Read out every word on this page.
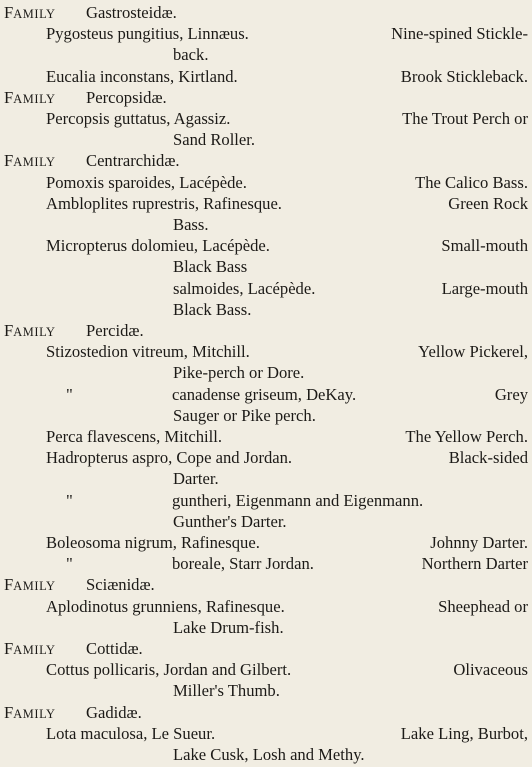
FAMILY Gastrosteidæ.
Pygosteus pungitius, Linnæus.	Nine-spined Stickle-
back.
Eucalia inconstans, Kirtland.	Brook Stickleback.
FAMILY Percopsidæ.
Percopsis guttatus, Agassiz.	The Trout Perch or
Sand Roller.
FAMILY Centrarchidæ.
Pomoxis sparoides, Lacépède.	The Calico Bass.
Ambloplites ruprestris, Rafinesque.	Green Rock
Bass.
Micropterus dolomieu, Lacépède.	Small-mouth
Black Bass
salmoides, Lacépède.	Large-mouth
Black Bass.
FAMILY Percidæ.
Stizostedion vitreum, Mitchill.	Yellow Pickerel,
Pike-perch or Dore.
"	canadense griseum, DeKay.	Grey
Sauger or Pike perch.
Perca flavescens, Mitchill.	The Yellow Perch.
Hadropterus aspro, Cope and Jordan.	Black-sided
Darter.
"	guntheri, Eigenmann and Eigenmann.
Gunther's Darter.
Boleosoma nigrum, Rafinesque.	Johnny Darter.
"	boreale, Starr Jordan.	Northern Darter
FAMILY Sciænidæ.
Aplodinotus grunniens, Rafinesque.	Sheephead or
Lake Drum-fish.
FAMILY Cottidæ.
Cottus pollicaris, Jordan and Gilbert.	Olivaceous
Miller's Thumb.
FAMILY Gadidæ.
Lota maculosa, Le Sueur.	Lake Ling, Burbot,
Lake Cusk, Losh and Methy.
